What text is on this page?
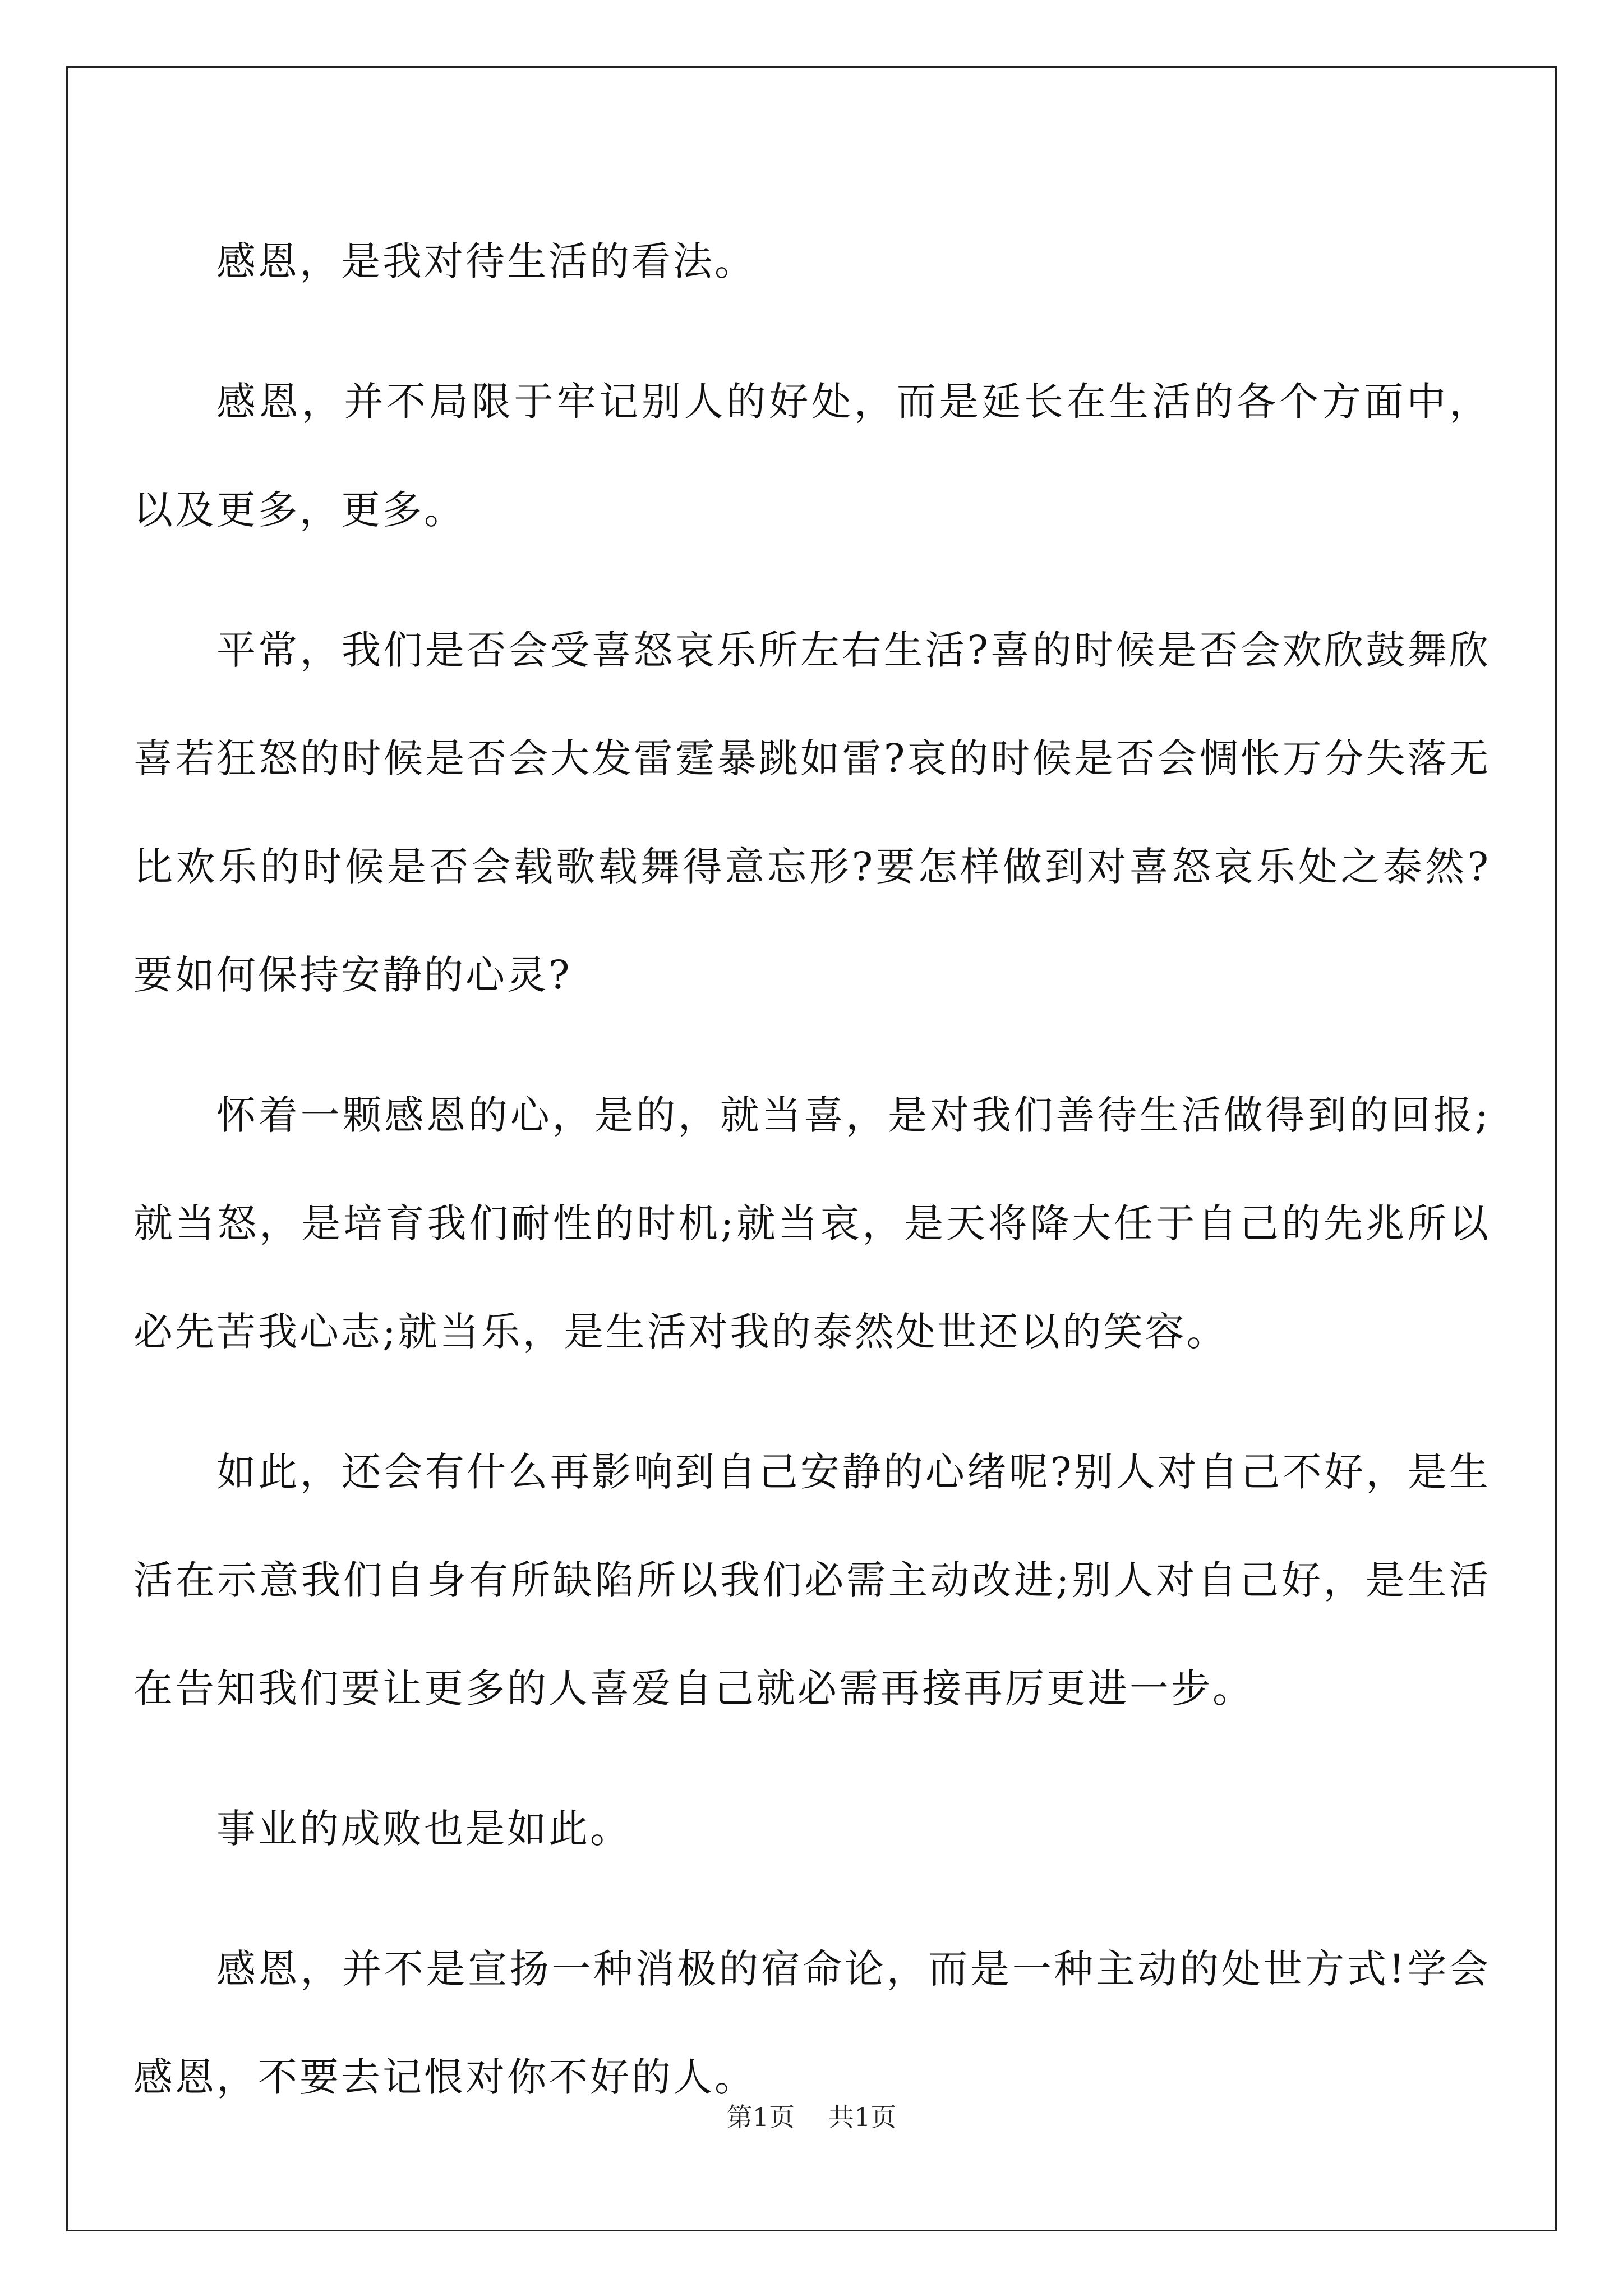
感恩，是我对待生活的看法。

感恩，并不局限于牢记别人的好处，而是延长在生活的各个方面中，以及更多，更多。

平常，我们是否会受喜怒哀乐所左右生活?喜的时候是否会欢欣鼓舞欣喜若狂怒的时候是否会大发雷霆暴跳如雷?哀的时候是否会惆怅万分失落无比欢乐的时候是否会载歌载舞得意忘形?要怎样做到对喜怒哀乐处之泰然?要如何保持安静的心灵?

怀着一颗感恩的心，是的，就当喜，是对我们善待生活做得到的回报;就当怒，是培育我们耐性的时机;就当哀，是天将降大任于自己的先兆所以必先苦我心志;就当乐，是生活对我的泰然处世还以的笑容。

如此，还会有什么再影响到自己安静的心绪呢?别人对自己不好，是生活在示意我们自身有所缺陷所以我们必需主动改进;别人对自己好，是生活在告知我们要让更多的人喜爱自己就必需再接再厉更进一步。

事业的成败也是如此。

感恩，并不是宣扬一种消极的宿命论，而是一种主动的处世方式!学会感恩，不要去记恨对你不好的人。

第1页 共1页
